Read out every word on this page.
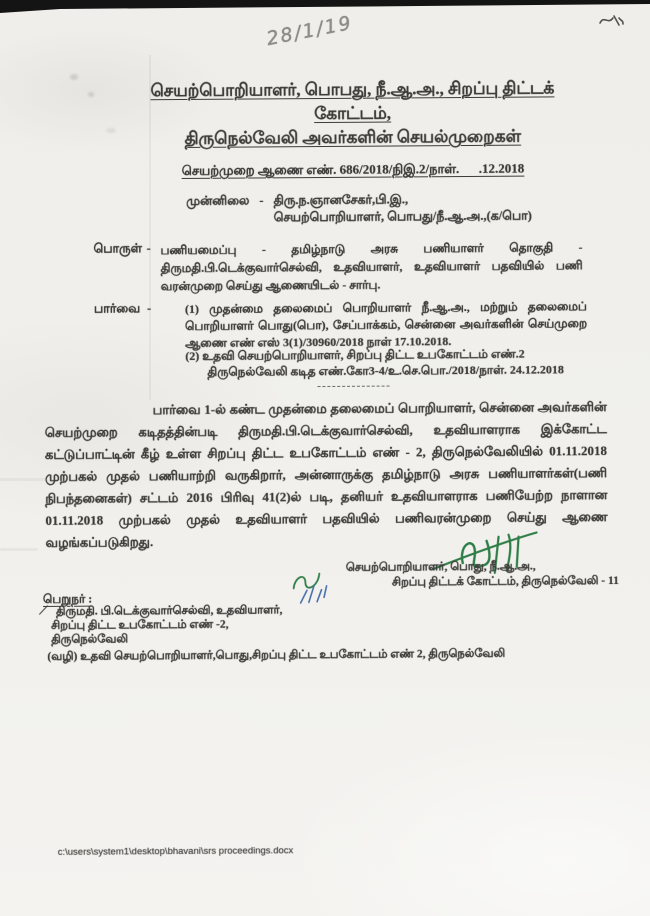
28/1/19
செயற்பொறியாளர், பொபது, நீ.ஆ.அ., சிறப்பு திட்டக்
கோட்டம்,
திருநெல்வேலி அவர்களின் செயல்முறைகள்
செயற்முறை ஆணை எண். 686/2018/நிஇ.2/நாள்.      .12.2018
முன்னிலை - திரு.ந.ஞானசேகர்,பி.இ.,
செயற்பொறியாளர், பொபது/நீ.ஆ.அ.,(க/பொ)
பொருள் - பணியமைப்பு - தமிழ்நாடு அரசு பணியாளர் தொகுதி - திருமதி.பி.டெக்குவார்செல்வி, உதவியாளர், உதவியாளர் பதவியில் பணி வரன்முறை செய்து ஆணையிடல் - சார்பு.
பார்வை -	(1) முதன்மை தலைமைப் பொறியாளர் நீ.ஆ.அ., மற்றும் தலைமைப் பொறியாளர் பொது(பொ), சேப்பாக்கம், சென்னை அவர்களின் செய்முறை ஆணை எண் எஸ் 3(1)/30960/2018 நாள் 17.10.2018.
(2) உதவி செயற்பொறியாளர், சிறப்பு திட்ட உபகோட்டம் எண்.2
திருநெல்வேலி கடித எண்.கோ3-4/உ.செ.பொ./2018/நாள். 24.12.2018
பார்வை 1-ல் கண்ட முதன்மை தலைமைப் பொறியாளர், சென்னை அவர்களின் செயற்முறை கடிதத்தின்படி திருமதி.பி.டெக்குவார்செல்வி, உதவியாளராக இக்கோட்ட கட்டுப்பாட்டின் கீழ் உள்ள சிறப்பு திட்ட உபகோட்டம் எண் - 2, திருநெல்வேலியில் 01.11.2018 முற்பகல் முதல் பணியாற்றி வருகிறார், அன்னாருக்கு தமிழ்நாடு அரசு பணியாளர்கள்(பணி நிபந்தனைகள்) சட்டம் 2016 பிரிவு 41(2)ல் படி, தனியர் உதவியாளராக பணியேற்ற நாளான 01.11.2018 முற்பகல் முதல் உதவியாளர் பதவியில் பணிவரன்முறை செய்து ஆணை வழங்கப்படுகிறது.
செயற்பொறியாளர், பொது, நீ.ஆ.அ.,
சிறப்பு திட்டக் கோட்டம், திருநெல்வேலி - 11
பெறுநர் :
∕ திருமதி. பி.டெக்குவார்செல்வி, உதவியாளர்,
சிறப்பு திட்ட உபகோட்டம் எண் -2,
திருநெல்வேலி
(வழி) உதவி செயற்பொறியாளர்,பொது,சிறப்பு திட்ட உபகோட்டம் எண் 2, திருநெல்வேலி
c:\users\system1\desktop\bhavani\srs proceedings.docx
